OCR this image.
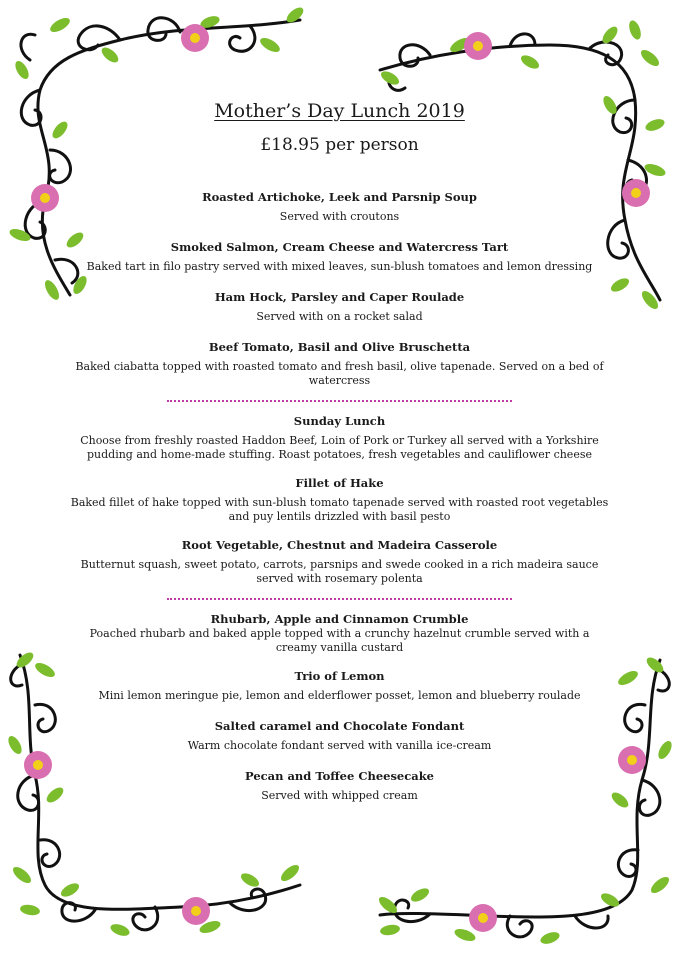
Mother’s Day Lunch 2019
£18.95 per person
Roasted Artichoke, Leek and Parsnip Soup
Served with croutons
Smoked Salmon, Cream Cheese and Watercress Tart
Baked tart in filo pastry served with mixed leaves, sun-blush tomatoes and lemon dressing
Ham Hock, Parsley and Caper Roulade
Served with on a rocket salad
Beef Tomato, Basil and Olive Bruschetta
Baked ciabatta topped with roasted tomato and fresh basil, olive tapenade. Served on a bed of watercress
Sunday Lunch
Choose from freshly roasted Haddon Beef, Loin of Pork or Turkey all served with a Yorkshire pudding and home-made stuffing. Roast potatoes, fresh vegetables and cauliflower cheese
Fillet of Hake
Baked fillet of hake topped with sun-blush tomato tapenade served with roasted root vegetables and puy lentils drizzled with basil pesto
Root Vegetable, Chestnut and Madeira Casserole
Butternut squash, sweet potato, carrots, parsnips and swede cooked in a rich madeira sauce served with rosemary polenta
Rhubarb, Apple and Cinnamon Crumble
Poached rhubarb and baked apple topped with a crunchy hazelnut crumble served with a creamy vanilla custard
Trio of Lemon
Mini lemon meringue pie, lemon and elderflower posset, lemon and blueberry roulade
Salted caramel and Chocolate Fondant
Warm chocolate fondant served with vanilla ice-cream
Pecan and Toffee Cheesecake
Served with whipped cream
